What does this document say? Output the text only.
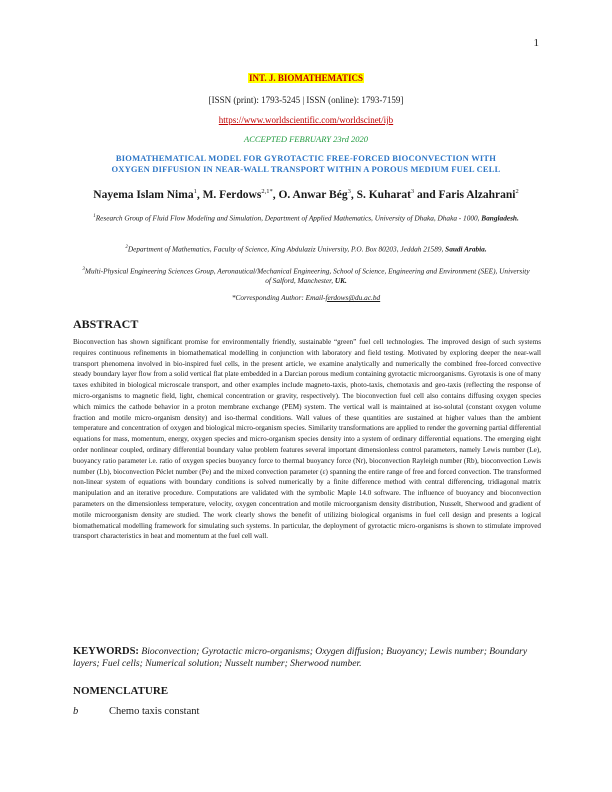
1
INT. J. BIOMATHEMATICS
[ISSN (print): 1793-5245 | ISSN (online): 1793-7159]
https://www.worldscientific.com/worldscinet/ijb
ACCEPTED FEBRUARY 23rd 2020
BIOMATHEMATICAL MODEL FOR GYROTACTIC FREE-FORCED BIOCONVECTION WITH
OXYGEN DIFFUSION IN NEAR-WALL TRANSPORT WITHIN A POROUS MEDIUM FUEL CELL
Nayema Islam Nima$^1$, M. Ferdows$^{2,1*}$, O. Anwar Bég$^3$, S. Kuharat$^3$ and Faris Alzahrani$^2$
$^1$Research Group of Fluid Flow Modeling and Simulation, Department of Applied Mathematics, University of Dhaka, Dhaka - 1000, Bangladesh.
$^2$Department of Mathematics, Faculty of Science, King Abdulaziz University, P.O. Box 80203, Jeddah 21589, Saudi Arabia.
$^3$Multi-Physical Engineering Sciences Group, Aeronautical/Mechanical Engineering, School of Science, Engineering and Environment (SEE), University of Salford, Manchester, UK.
*Corresponding Author: Email-ferdows@du.ac.bd
ABSTRACT

Bioconvection has shown significant promise for environmentally friendly, sustainable “green” fuel cell technologies. The improved design of such systems requires continuous refinements in biomathematical modelling in conjunction with laboratory and field testing. Motivated by exploring deeper the near-wall transport phenomena involved in bio-inspired fuel cells, in the present article, we examine analytically and numerically the combined free-forced convective steady boundary layer flow from a solid vertical flat plate embedded in a Darcian porous medium containing gyrotactic microorganisms. Gyrotaxis is one of many taxes exhibited in biological microscale transport, and other examples include magneto-taxis, photo-taxis, chemotaxis and geo-taxis (reflecting the response of micro-organisms to magnetic field, light, chemical concentration or gravity, respectively). The bioconvection fuel cell also contains diffusing oxygen species which mimics the cathode behavior in a proton membrane exchange (PEM) system. The vertical wall is maintained at iso-solutal (constant oxygen volume fraction and motile micro-organism density) and iso-thermal conditions. Wall values of these quantities are sustained at higher values than the ambient temperature and concentration of oxygen and biological micro-organism species. Similarity transformations are applied to render the governing partial differential equations for mass, momentum, energy, oxygen species and micro-organism species density into a system of ordinary differential equations. The emerging eight order nonlinear coupled, ordinary differential boundary value problem features several important dimensionless control parameters, namely Lewis number (Le), buoyancy ratio parameter i.e. ratio of oxygen species buoyancy force to thermal buoyancy force (Nr), bioconvection Rayleigh number (Rb), bioconvection Lewis number (Lb), bioconvection Péclet number (Pe) and the mixed convection parameter (ε) spanning the entire range of free and forced convection. The transformed non-linear system of equations with boundary conditions is solved numerically by a finite difference method with central differencing, tridiagonal matrix manipulation and an iterative procedure. Computations are validated with the symbolic Maple 14.0 software. The influence of buoyancy and bioconvection parameters on the dimensionless temperature, velocity, oxygen concentration and motile microorganism density distribution, Nusselt, Sherwood and gradient of motile microorganism density are studied. The work clearly shows the benefit of utilizing biological organisms in fuel cell design and presents a logical biomathematical modelling framework for simulating such systems. In particular, the deployment of gyrotactic micro-organisms is shown to stimulate improved transport characteristics in heat and momentum at the fuel cell wall.

KEYWORDS: Bioconvection; Gyrotactic micro-organisms; Oxygen diffusion; Buoyancy; Lewis number; Boundary layers; Fuel cells; Numerical solution; Nusselt number; Sherwood number.

NOMENCLATURE
b	Chemo taxis constant
